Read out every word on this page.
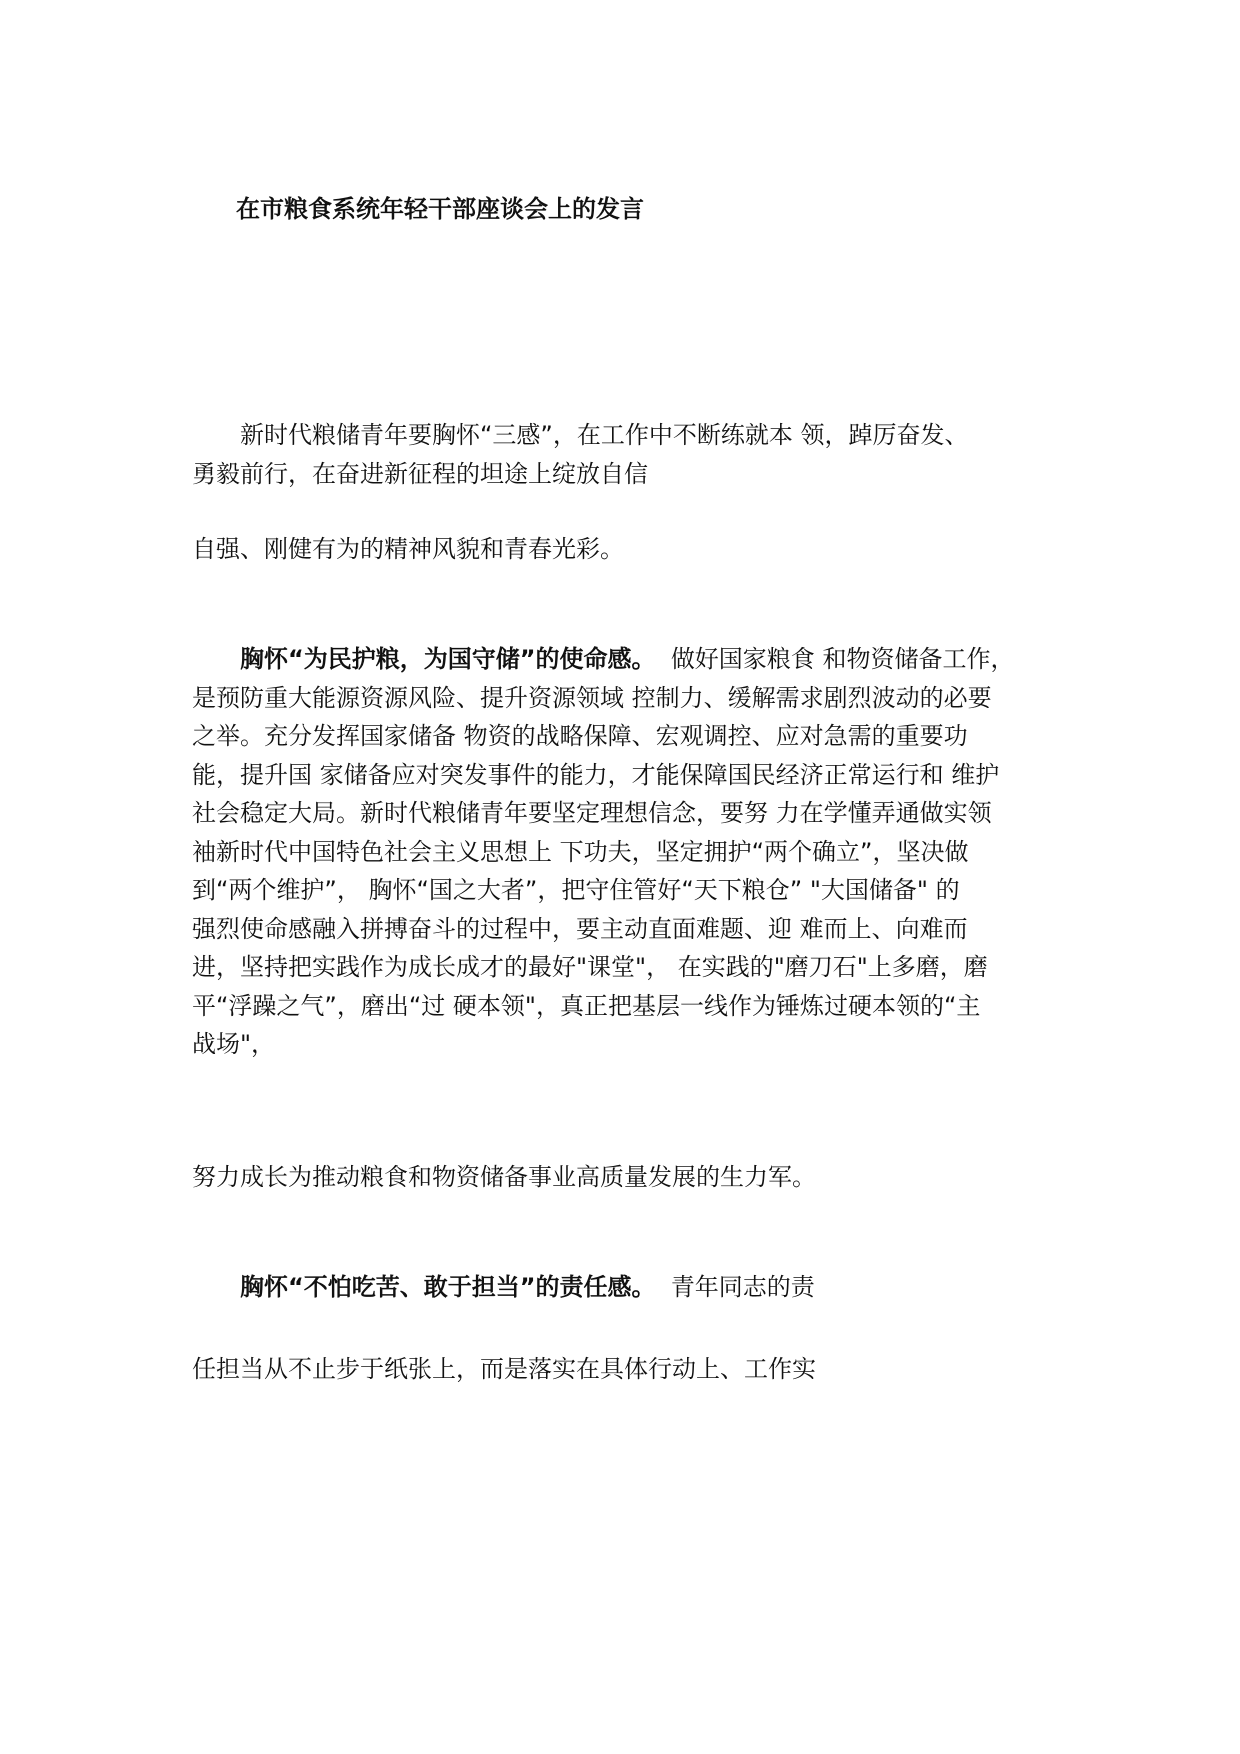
在市粮食系统年轻干部座谈会上的发言
新时代粮储青年要胸怀“三感”，在工作中不断练就本 领，踔厉奋发、
勇毅前行，在奋进新征程的坦途上绽放自信
自强、刚健有为的精神风貌和青春光彩。
胸怀“为民护粮，为国守储”的使命感。 做好国家粮食 和物资储备工作，
是预防重大能源资源风险、提升资源领域 控制力、缓解需求剧烈波动的必要
之举。充分发挥国家储备 物资的战略保障、宏观调控、应对急需的重要功
能，提升国 家储备应对突发事件的能力，才能保障国民经济正常运行和 维护
社会稳定大局。新时代粮储青年要坚定理想信念，要努 力在学懂弄通做实领
袖新时代中国特色社会主义思想上 下功夫，坚定拥护“两个确立”，坚决做
到“两个维护”， 胸怀“国之大者”，把守住管好“天下粮仓” "大国储备" 的
强烈使命感融入拼搏奋斗的过程中，要主动直面难题、迎 难而上、向难而
进，坚持把实践作为成长成才的最好"课堂"， 在实践的"磨刀石"上多磨，磨
平“浮躁之气”，磨出“过 硬本领"，真正把基层一线作为锤炼过硬本领的“主
战场"，
努力成长为推动粮食和物资储备事业高质量发展的生力军。
胸怀“不怕吃苦、敢于担当”的责任感。 青年同志的责
任担当从不止步于纸张上，而是落实在具体行动上、工作实
